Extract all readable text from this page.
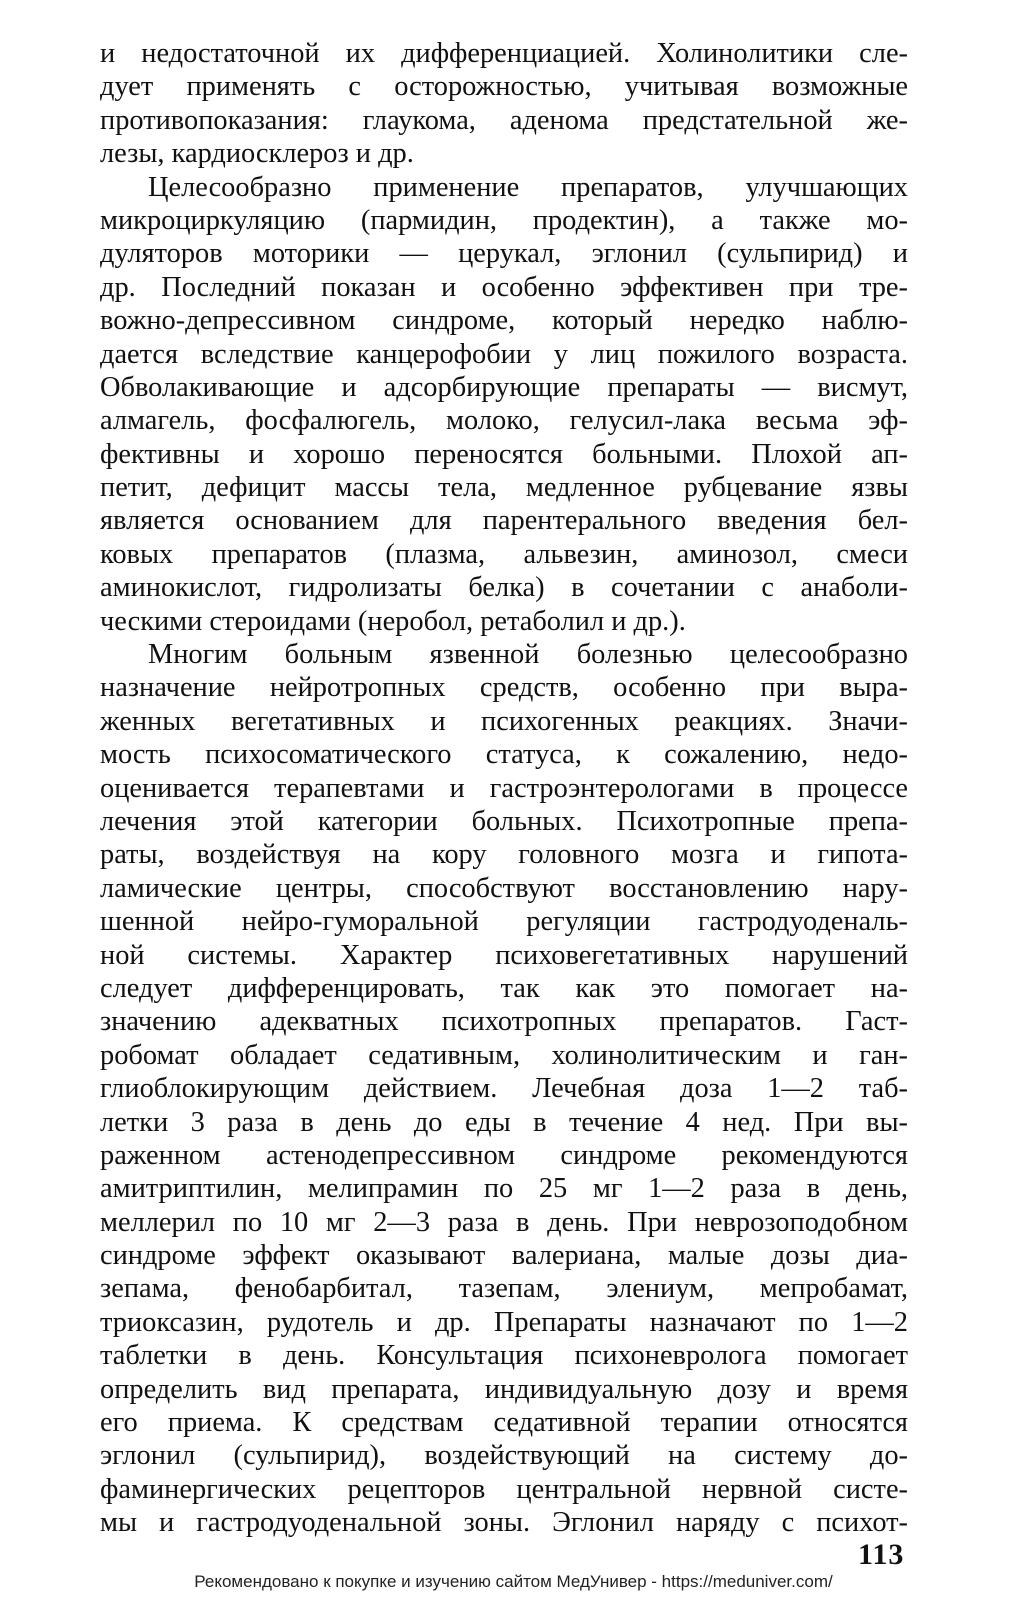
и недостаточной их дифференциацией. Холинолитики сле-
дует применять с осторожностью, учитывая возможные
противопоказания: глаукома, аденома предстательной же-
лезы, кардиосклероз и др.
Целесообразно применение препаратов, улучшающих
микроциркуляцию (пармидин, продектин), а также мо-
дуляторов моторики — церукал, эглонил (сульпирид) и
др. Последний показан и особенно эффективен при тре-
вожно-депрессивном синдроме, который нередко наблю-
дается вследствие канцерофобии у лиц пожилого возраста.
Обволакивающие и адсорбирующие препараты — висмут,
алмагель, фосфалюгель, молоко, гелусил-лака весьма эф-
фективны и хорошо переносятся больными. Плохой ап-
петит, дефицит массы тела, медленное рубцевание язвы
является основанием для парентерального введения бел-
ковых препаратов (плазма, альвезин, аминозол, смеси
аминокислот, гидролизаты белка) в сочетании с анаболи-
ческими стероидами (неробол, ретаболил и др.).
Многим больным язвенной болезнью целесообразно
назначение нейротропных средств, особенно при выра-
женных вегетативных и психогенных реакциях. Значи-
мость психосоматического статуса, к сожалению, недо-
оценивается терапевтами и гастроэнтерологами в процессе
лечения этой категории больных. Психотропные препа-
раты, воздействуя на кору головного мозга и гипота-
ламические центры, способствуют восстановлению нару-
шенной нейро-гуморальной регуляции гастродуоденаль-
ной системы. Характер психовегетативных нарушений
следует дифференцировать, так как это помогает на-
значению адекватных психотропных препаратов. Гаст-
робомат обладает седативным, холинолитическим и ган-
глиоблокирующим действием. Лечебная доза 1—2 таб-
летки 3 раза в день до еды в течение 4 нед. При вы-
раженном астенодепрессивном синдроме рекомендуются
амитриптилин, мелипрамин по 25 мг 1—2 раза в день,
меллерил по 10 мг 2—3 раза в день. При неврозоподобном
синдроме эффект оказывают валериана, малые дозы диа-
зепама, фенобарбитал, тазепам, элениум, мепробамат,
триоксазин, рудотель и др. Препараты назначают по 1—2
таблетки в день. Консультация психоневролога помогает
определить вид препарата, индивидуальную дозу и время
его приема. К средствам седативной терапии относятся
эглонил (сульпирид), воздействующий на систему до-
фаминергических рецепторов центральной нервной систе-
мы и гастродуоденальной зоны. Эглонил наряду с психот-
113
Рекомендовано к покупке и изучению сайтом МедУнивер - https://meduniver.com/
